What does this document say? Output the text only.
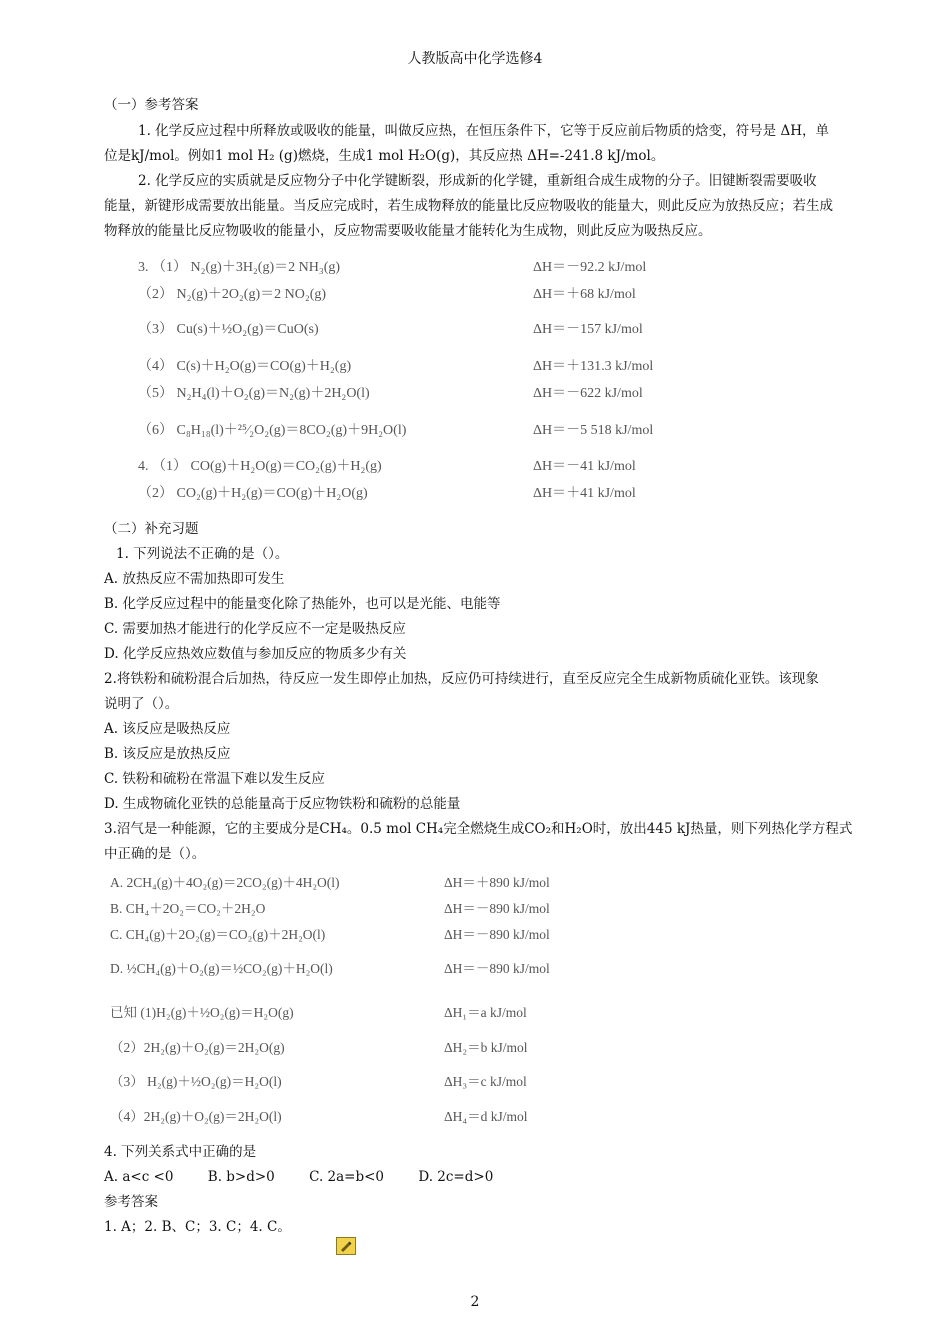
人教版高中化学选修4
（一）参考答案
1. 化学反应过程中所释放或吸收的能量，叫做反应热，在恒压条件下，它等于反应前后物质的焓变，符号是 ΔH，单
位是kJ/mol。例如1 mol H₂ (g)燃烧，生成1 mol H₂O(g)，其反应热 ΔH=-241.8 kJ/mol。
2. 化学反应的实质就是反应物分子中化学键断裂，形成新的化学键，重新组合成生成物的分子。旧键断裂需要吸收
能量，新键形成需要放出能量。当反应完成时，若生成物释放的能量比反应物吸收的能量大，则此反应为放热反应；若生成
物释放的能量比反应物吸收的能量小，反应物需要吸收能量才能转化为生成物，则此反应为吸热反应。
3. （1） N₂(g)＋3H₂(g)＝2 NH₃(g)	ΔH＝－92.2 kJ/mol
（2） N₂(g)＋2O₂(g)＝2 NO₂(g)	ΔH＝＋68 kJ/mol
（3） Cu(s)＋½O₂(g)＝CuO(s)	ΔH＝－157 kJ/mol
（4） C(s)＋H₂O(g)＝CO(g)＋H₂(g)	ΔH＝＋131.3 kJ/mol
（5） N₂H₄(l)＋O₂(g)＝N₂(g)＋2H₂O(l)	ΔH＝－622 kJ/mol
（6） C₈H₁₈(l)＋²⁵⁄₂O₂(g)＝8CO₂(g)＋9H₂O(l)	ΔH＝－5 518 kJ/mol
4. （1） CO(g)＋H₂O(g)＝CO₂(g)＋H₂(g)	ΔH＝－41 kJ/mol
（2） CO₂(g)＋H₂(g)＝CO(g)＋H₂O(g)	ΔH＝＋41 kJ/mol
（二）补充习题
1. 下列说法不正确的是（）。
A. 放热反应不需加热即可发生
B. 化学反应过程中的能量变化除了热能外，也可以是光能、电能等
C. 需要加热才能进行的化学反应不一定是吸热反应
D. 化学反应热效应数值与参加反应的物质多少有关
2.将铁粉和硫粉混合后加热，待反应一发生即停止加热，反应仍可持续进行，直至反应完全生成新物质硫化亚铁。该现象
说明了（）。
A. 该反应是吸热反应
B. 该反应是放热反应
C. 铁粉和硫粉在常温下难以发生反应
D. 生成物硫化亚铁的总能量高于反应物铁粉和硫粉的总能量
3.沼气是一种能源，它的主要成分是CH₄。0.5 mol CH₄完全燃烧生成CO₂和H₂O时，放出445 kJ热量，则下列热化学方程式
中正确的是（）。
A. 2CH₄(g)＋4O₂(g)＝2CO₂(g)＋4H₂O(l)	ΔH＝＋890 kJ/mol
B. CH₄＋2O₂＝CO₂＋2H₂O	ΔH＝－890 kJ/mol
C. CH₄(g)＋2O₂(g)＝CO₂(g)＋2H₂O(l)	ΔH＝－890 kJ/mol
D. ½CH₄(g)＋O₂(g)＝½CO₂(g)＋H₂O(l)	ΔH＝－890 kJ/mol
已知 (1)H₂(g)＋½O₂(g)＝H₂O(g)	ΔH₁＝a kJ/mol
（2）2H₂(g)＋O₂(g)＝2H₂O(g)	ΔH₂＝b kJ/mol
（3） H₂(g)＋½O₂(g)＝H₂O(l)	ΔH₃＝c kJ/mol
（4）2H₂(g)＋O₂(g)＝2H₂O(l)	ΔH₄＝d kJ/mol
4. 下列关系式中正确的是
A. a<c <0        B. b>d>0        C. 2a=b<0        D. 2c=d>0
参考答案
1. A；2. B、C；3. C；4. C。
2
